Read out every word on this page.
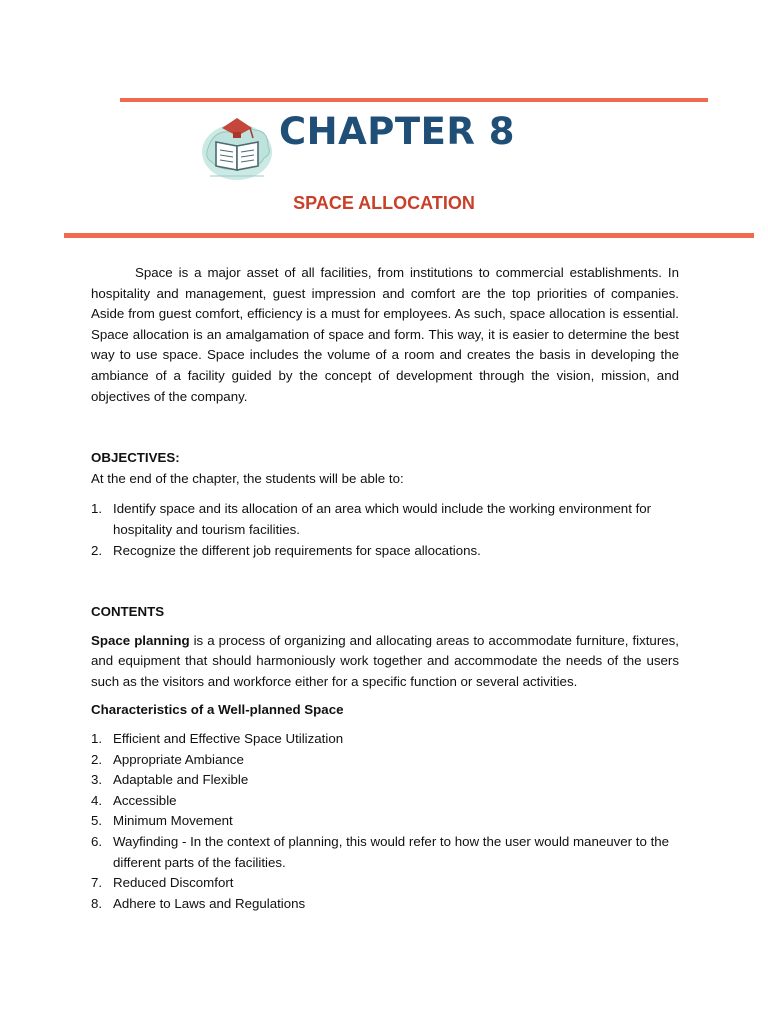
CHAPTER 8
SPACE ALLOCATION

Space is a major asset of all facilities, from institutions to commercial establishments. In hospitality and management, guest impression and comfort are the top priorities of companies. Aside from guest comfort, efficiency is a must for employees. As such, space allocation is essential. Space allocation is an amalgamation of space and form. This way, it is easier to determine the best way to use space. Space includes the volume of a room and creates the basis in developing the ambiance of a facility guided by the concept of development through the vision, mission, and objectives of the company.

OBJECTIVES:

At the end of the chapter, the students will be able to:

1. Identify space and its allocation of an area which would include the working environment for hospitality and tourism facilities.
2. Recognize the different job requirements for space allocations.

CONTENTS

Space planning is a process of organizing and allocating areas to accommodate furniture, fixtures, and equipment that should harmoniously work together and accommodate the needs of the users such as the visitors and workforce either for a specific function or several activities.

Characteristics of a Well-planned Space

1. Efficient and Effective Space Utilization
2. Appropriate Ambiance
3. Adaptable and Flexible
4. Accessible
5. Minimum Movement
6. Wayfinding - In the context of planning, this would refer to how the user would maneuver to the different parts of the facilities.
7. Reduced Discomfort
8. Adhere to Laws and Regulations
